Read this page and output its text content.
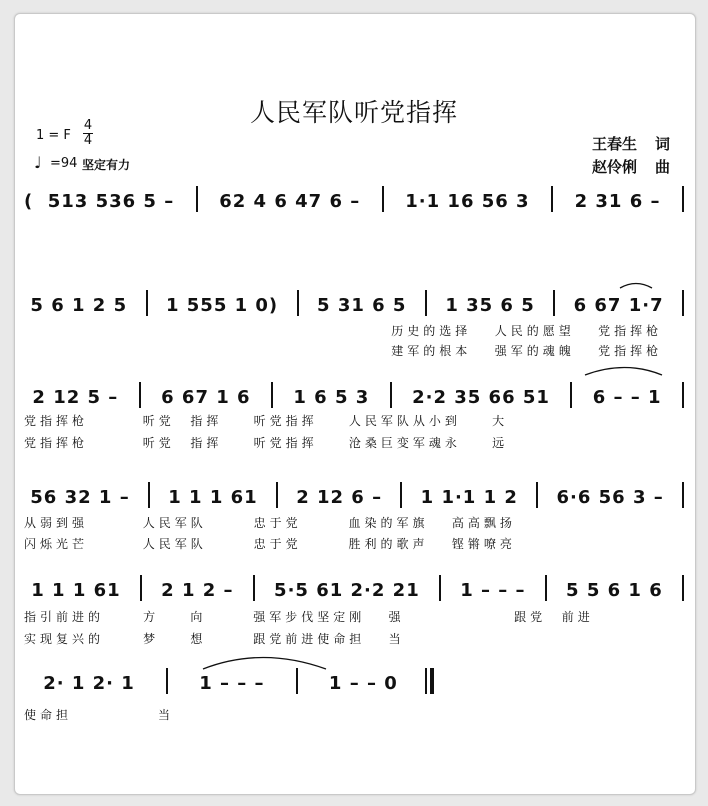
人民军队听党指挥
1 = F
4
4
♩ =94 坚定有力
王春生 词
赵伶俐 曲
( 513 536 5 –	62 4 6 47 6 –	1·1 16 56 3	2 31 6 –
5 6 1 2 5	1 555 1 0)	5 31 6 5	1 35 6 5	6 67 1·7
2 12 5 –	6 67 1 6	1 6 5 3	2·2 35 66 51	6 – – 1
56 32 1 –	1 1 1 61	2 12 6 –	1 1·1 1 2	6·6 56 3 –
1 1 1 61	2 1 2 –	5·5 61 2·2 21	1 – – –	5 5 6 1 6
2· 1 2· 1	1 – – –	1 – – 0
历史的选择   人民的愿望   党指挥枪
建军的根本   强军的魂魄   党指挥枪
党指挥枪       听党  指挥    听党指挥    人民军队从小到    大
党指挥枪       听党  指挥    听党指挥    沧桑巨变军魂永    远
从弱到强       人民军队      忠于党      血染的军旗   高高飘扬
闪烁光芒       人民军队      忠于党      胜利的歌声   铿锵嘹亮
指引前进的     方    向      强军步伐坚定刚   强              跟党  前进
实现复兴的     梦    想      跟党前进使命担   当
使命担           当
